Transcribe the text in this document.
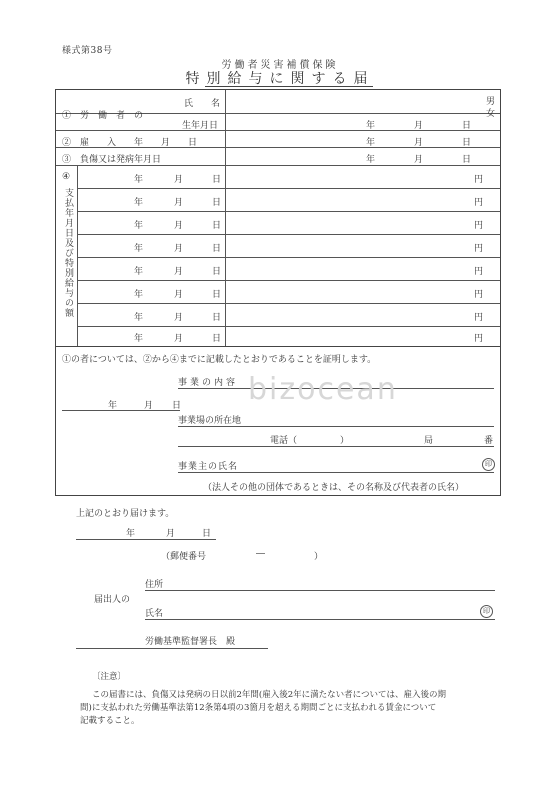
様式第38号
労働者災害補償保険
特別給与に関する届
①　労　働　者　の
氏　　名	男
女
生年月日	年	月	日
②　雇　　入　　年　　月　　日	年	月	日
③　負傷又は発病年月日	年	月	日
④
支払年月日及び特別給与の額
年	月	日	円
年	月	日	円
年	月	日	円
年	月	日	円
年	月	日	円
年	月	日	円
年	月	日	円
年	月	日	円
①の者については、②から④までに記載したとおりであることを証明します。
事業の内容
年	月 日
事業場の所在地
電話（	）	局	番
事業主の氏名	印
（法人その他の団体であるときは、その名称及び代表者の氏名）
上記のとおり届けます。
年	月	日
（郵便番号	―	）
住所
届出人の
氏名	印
労働基準監督署長　殿
〔注意〕
この届書には、負傷又は発病の日以前2年間(雇入後2年に満たない者については、雇入後の期
間)に支払われた労働基準法第12条第4項の3箇月を超える期間ごとに支払われる賃金について
記載すること。
bizocean
